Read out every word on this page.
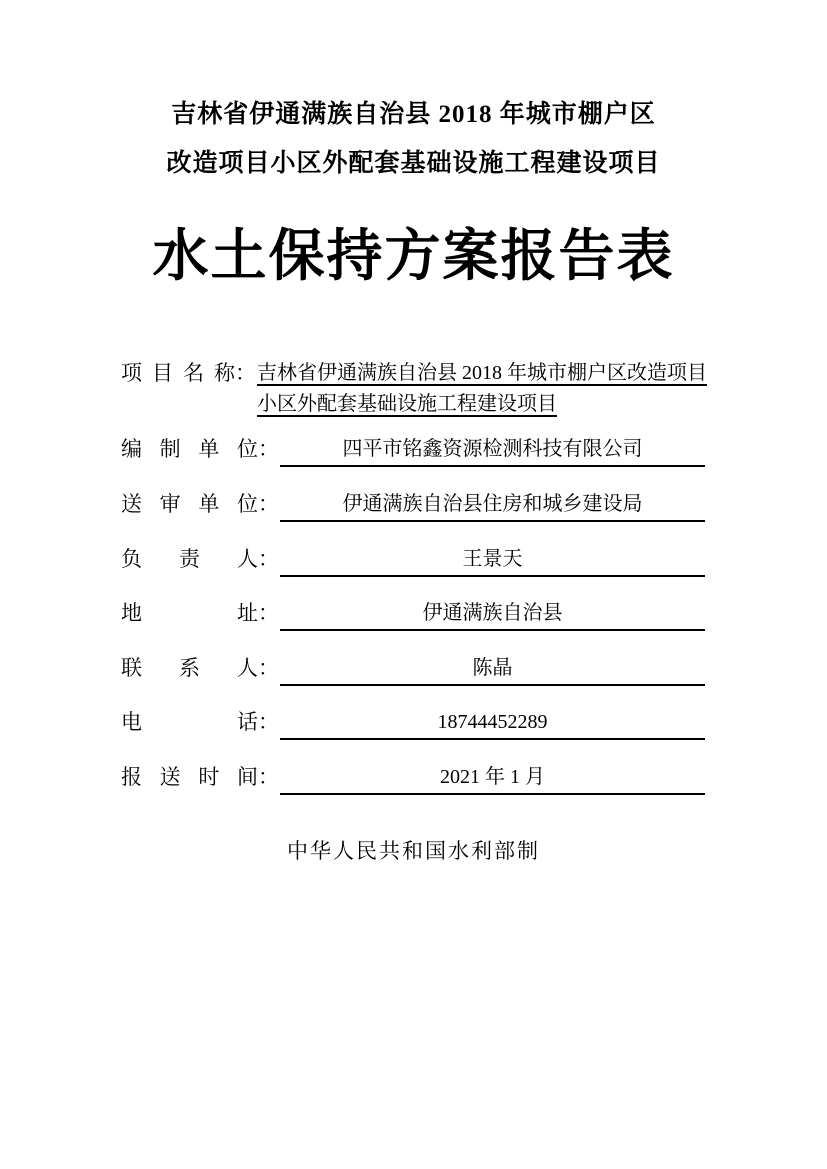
吉林省伊通满族自治县 2018 年城市棚户区
改造项目小区外配套基础设施工程建设项目
水土保持方案报告表
项目名称 ： 吉林省伊通满族自治县 2018 年城市棚户区改造项目小区外配套基础设施工程建设项目
编制单位 ：	四平市铭鑫资源检测科技有限公司
送审单位 ：	伊通满族自治县住房和城乡建设局
负责人 ：	王景天
地址 ：	伊通满族自治县
联系人 ：	陈晶
电话 ：	18744452289
报送时间 ：	2021 年 1 月
中华人民共和国水利部制
